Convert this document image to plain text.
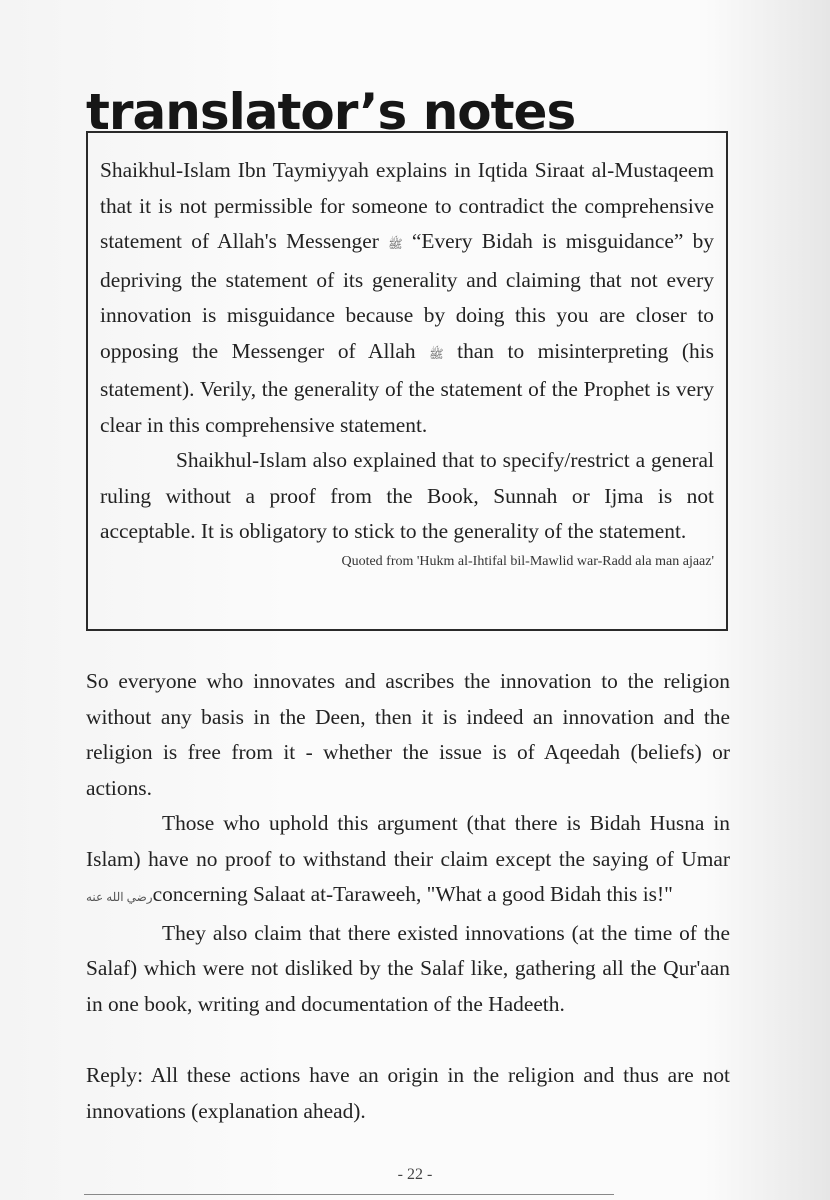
translator’s notes

Shaikhul-Islam Ibn Taymiyyah explains in Iqtida Siraat al-Mustaqeem that it is not permissible for someone to contradict the comprehensive statement of Allah's Messenger ﷺ “Every Bidah is misguidance” by depriving the statement of its generality and claiming that not every innovation is misguidance because by doing this you are closer to opposing the Messenger of Allah ﷺ than to misinterpreting (his statement). Verily, the generality of the statement of the Prophet is very clear in this comprehensive statement.

Shaikhul-Islam also explained that to specify/restrict a general ruling without a proof from the Book, Sunnah or Ijma is not acceptable. It is obligatory to stick to the generality of the statement.

Quoted from 'Hukm al-Ihtifal bil-Mawlid war-Radd ala man ajaaz'

So everyone who innovates and ascribes the innovation to the religion without any basis in the Deen, then it is indeed an innovation and the religion is free from it - whether the issue is of Aqeedah (beliefs) or actions.

Those who uphold this argument (that there is Bidah Husna in Islam) have no proof to withstand their claim except the saying of Umar رضي الله عنهconcerning Salaat at-Taraweeh, "What a good Bidah this is!"

They also claim that there existed innovations (at the time of the Salaf) which were not disliked by the Salaf like, gathering all the Qur'aan in one book, writing and documentation of the Hadeeth.

Reply: All these actions have an origin in the religion and thus are not innovations (explanation ahead).

- 22 -
